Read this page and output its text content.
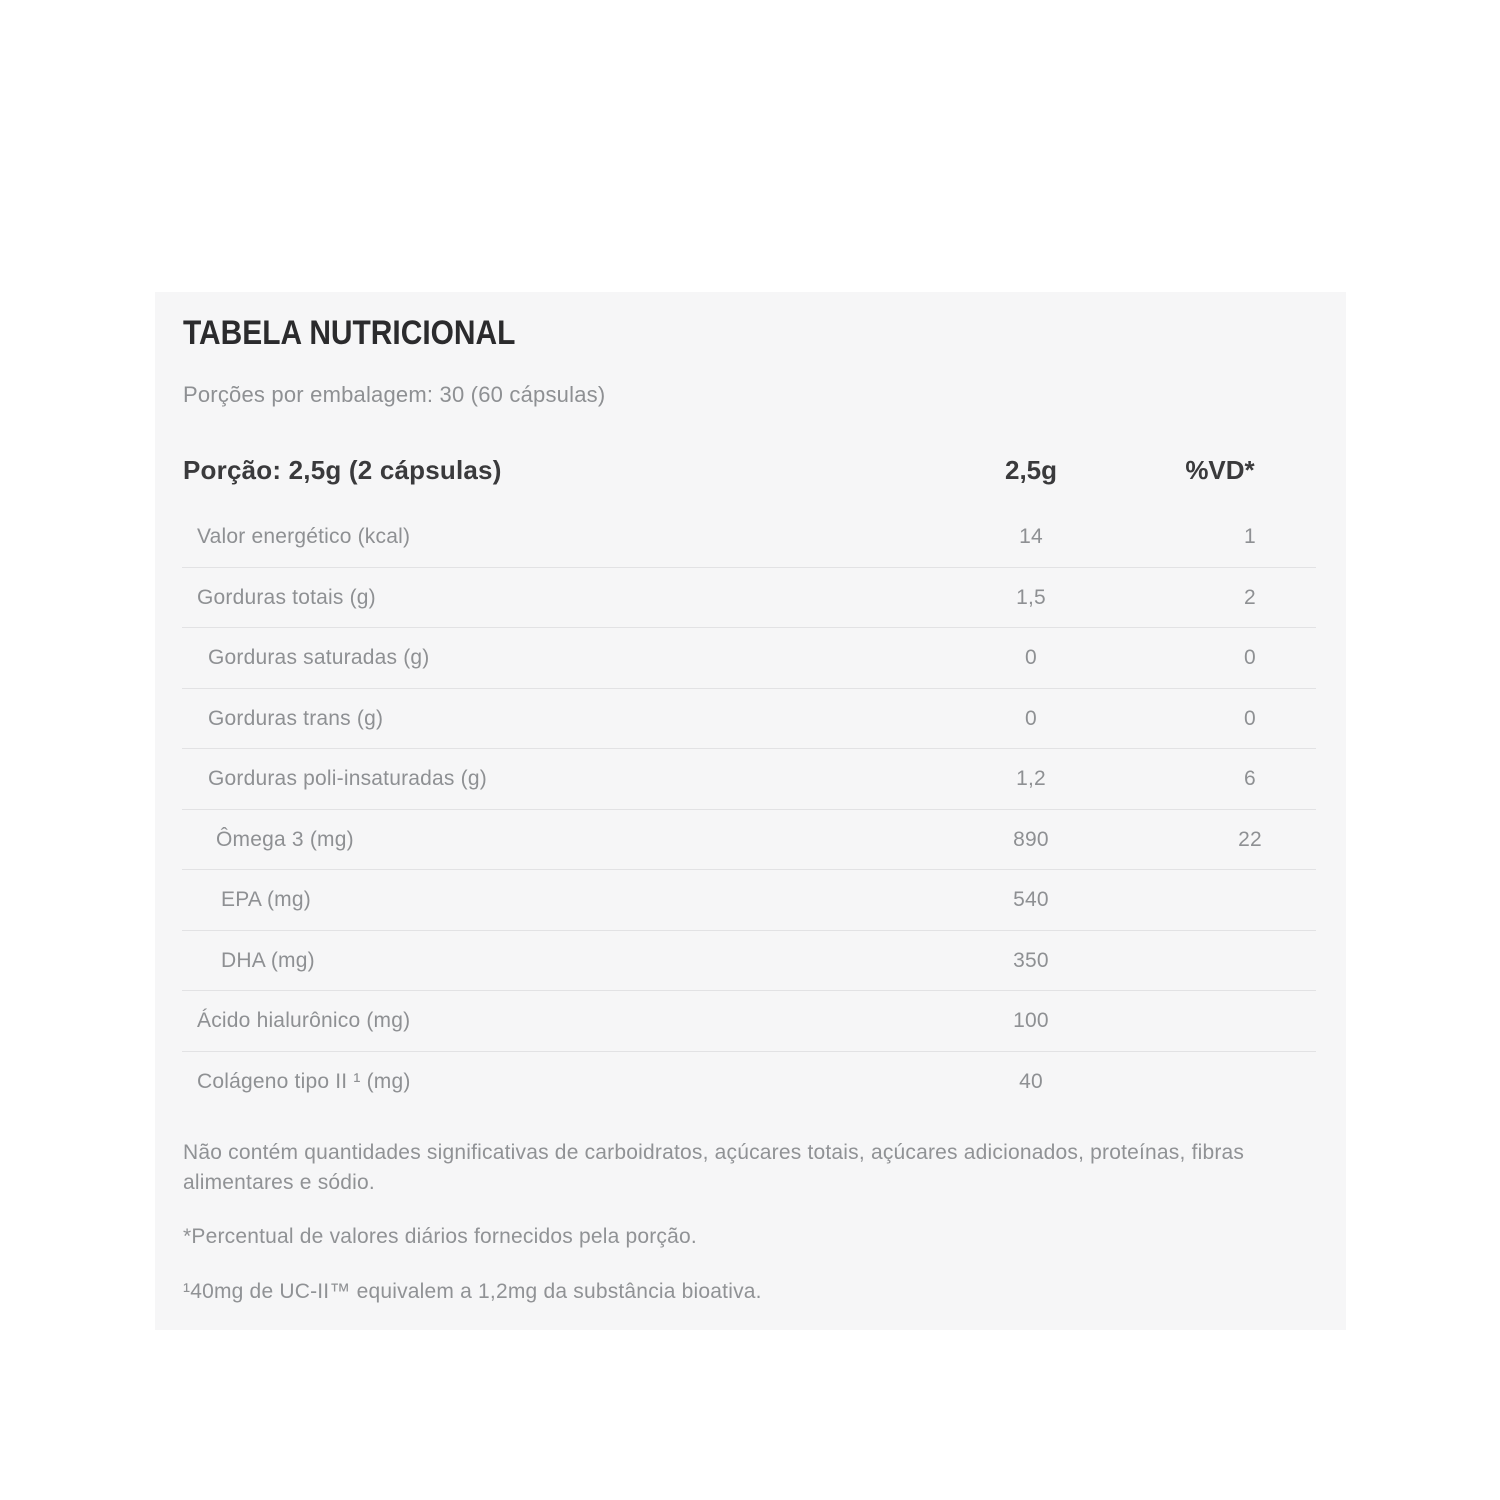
TABELA NUTRICIONAL
Porções por embalagem: 30 (60 cápsulas)
Porção: 2,5g (2 cápsulas)	2,5g	%VD*
Valor energético (kcal)	14	1
Gorduras totais (g)	1,5	2
Gorduras saturadas (g)	0	0
Gorduras trans (g)	0	0
Gorduras poli-insaturadas (g)	1,2	6
Ômega 3 (mg)	890	22
EPA (mg)	540
DHA (mg)	350
Ácido hialurônico (mg)	100
Colágeno tipo II ¹ (mg)	40
Não contém quantidades significativas de carboidratos, açúcares totais, açúcares adicionados, proteínas, fibras alimentares e sódio.
*Percentual de valores diários fornecidos pela porção.
¹40mg de UC-II™ equivalem a 1,2mg da substância bioativa.
